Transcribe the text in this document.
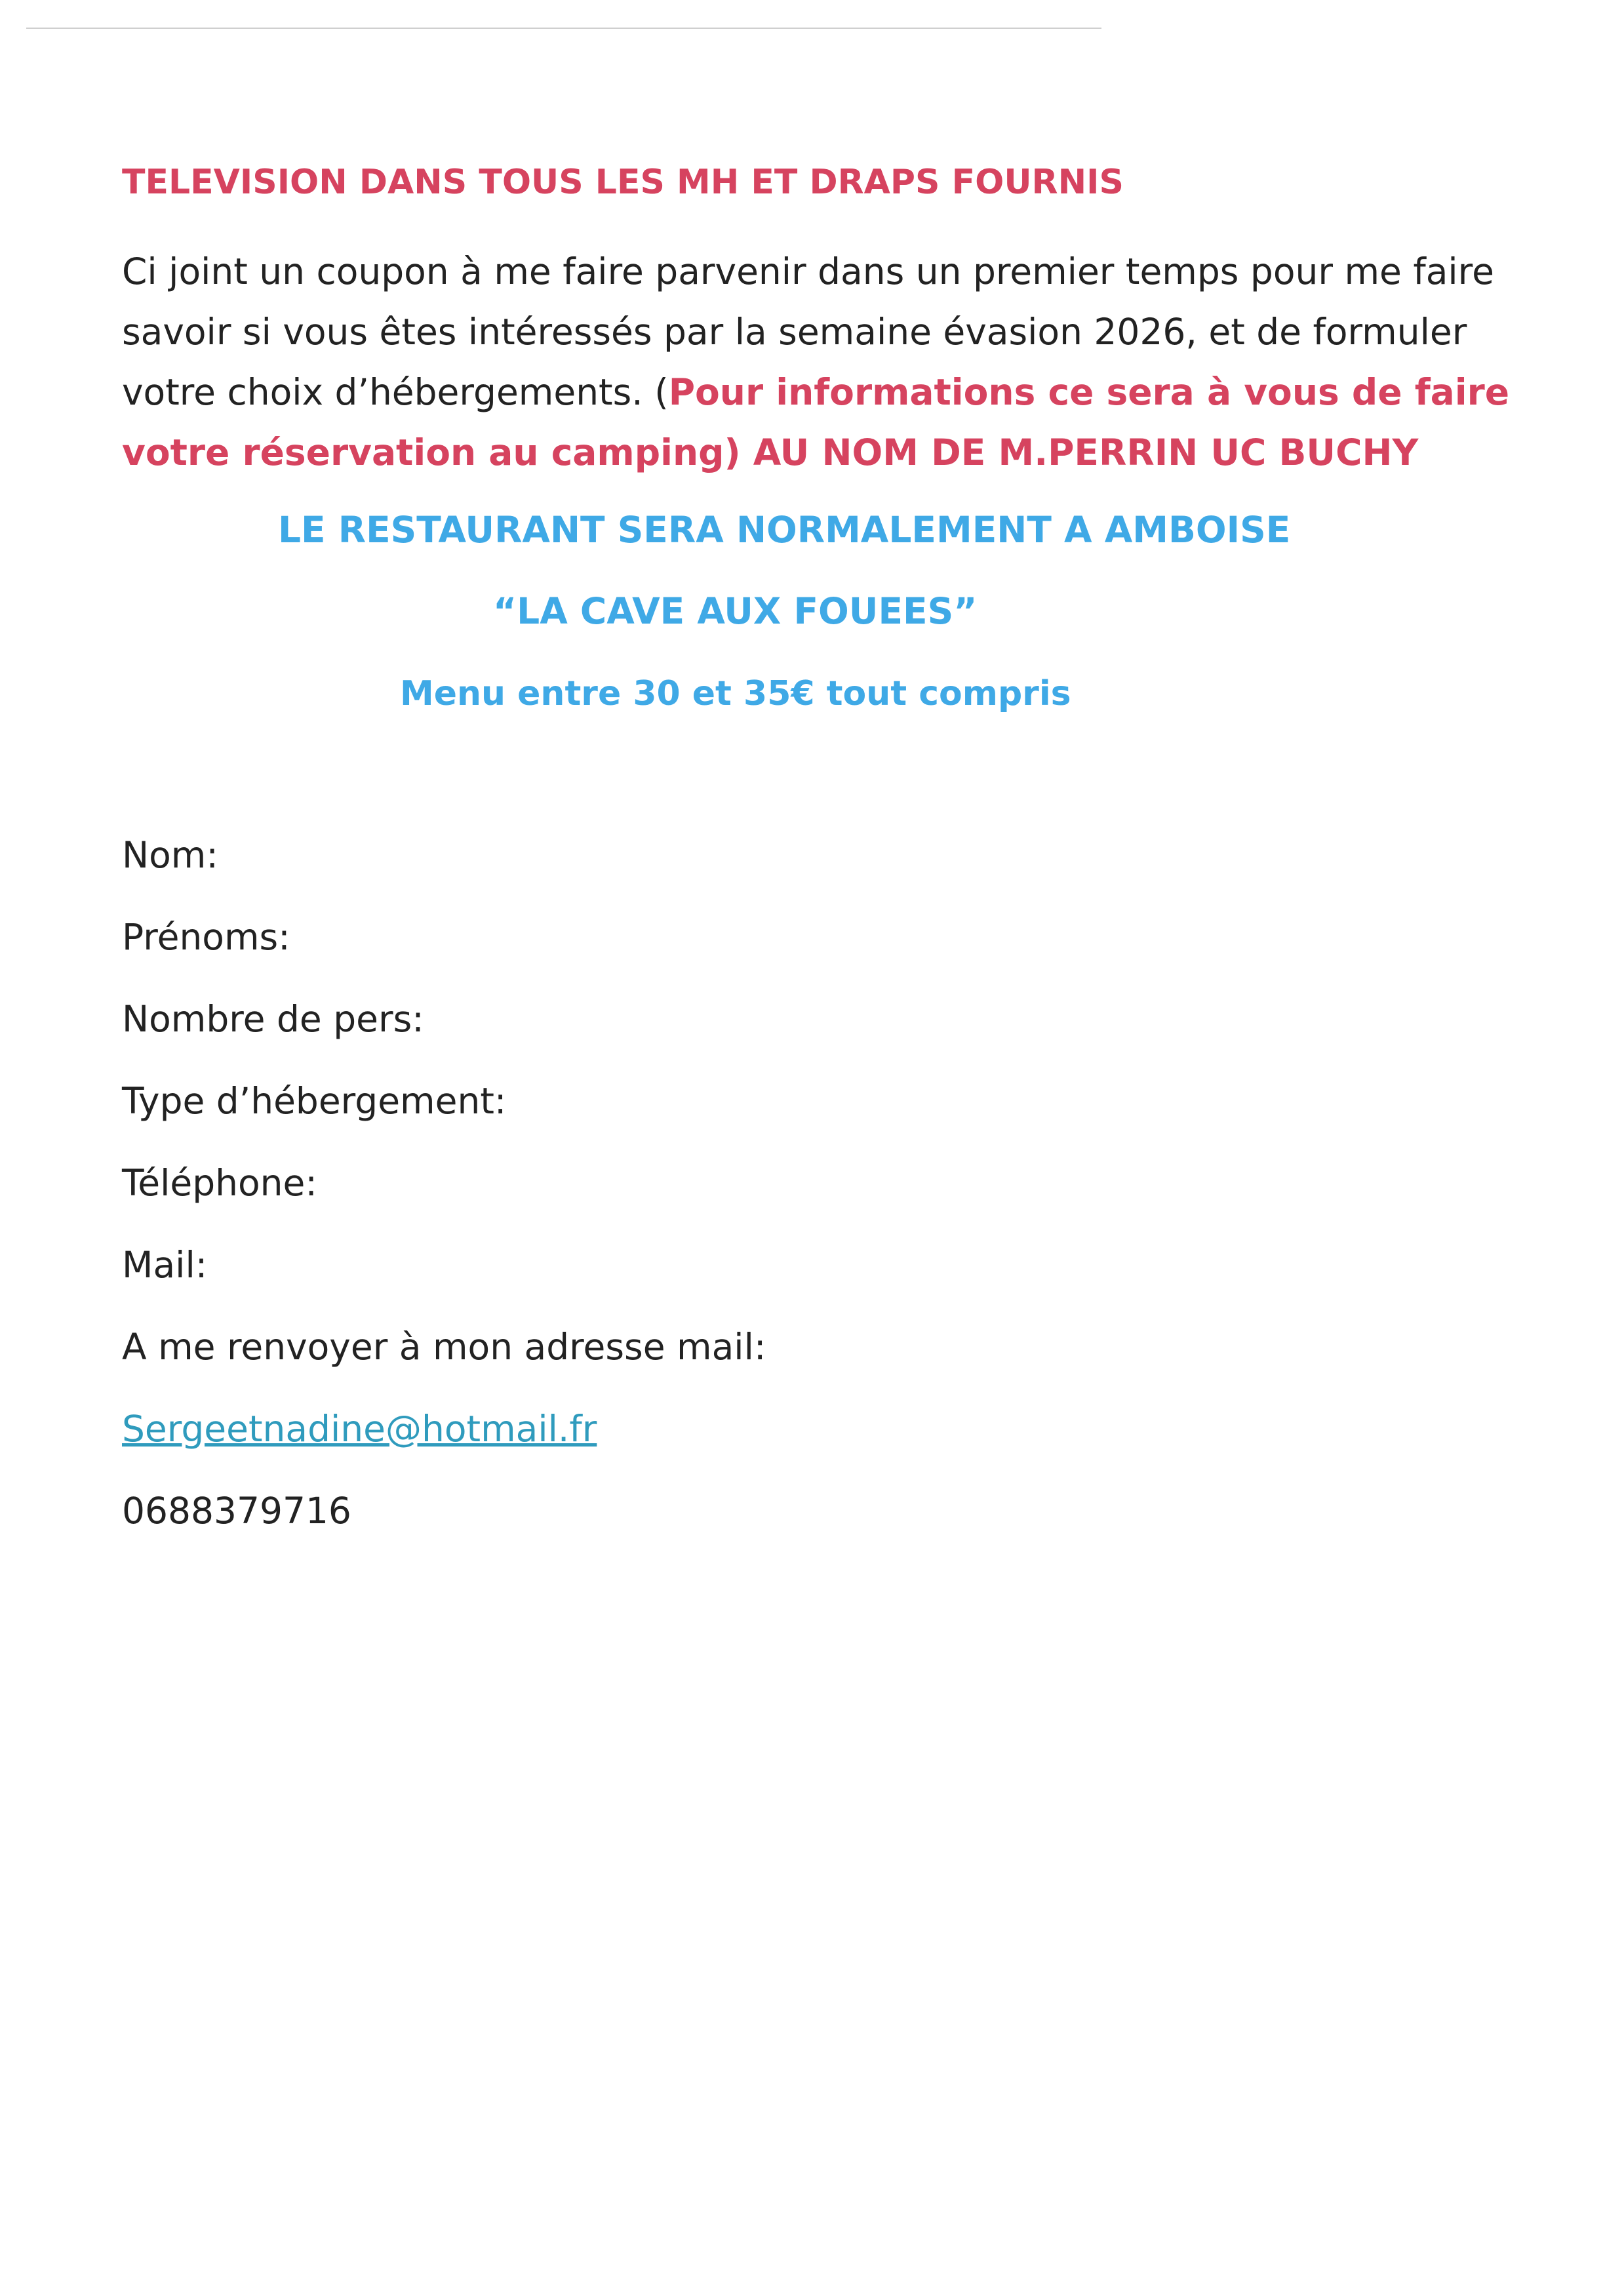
TELEVISION DANS TOUS LES MH ET DRAPS FOURNIS
Ci joint un coupon à me faire parvenir dans un premier temps pour me faire
savoir si vous êtes intéressés par la semaine évasion 2026, et de formuler
votre choix d’hébergements. (Pour informations ce sera à vous de faire
votre réservation au camping) AU NOM DE M.PERRIN UC BUCHY
LE RESTAURANT SERA NORMALEMENT A AMBOISE
“LA CAVE AUX FOUEES”
Menu entre 30 et 35€ tout compris
Nom:
Prénoms:
Nombre de pers:
Type d’hébergement:
Téléphone:
Mail:
A me renvoyer à mon adresse mail:
Sergeetnadine@hotmail.fr
0688379716
